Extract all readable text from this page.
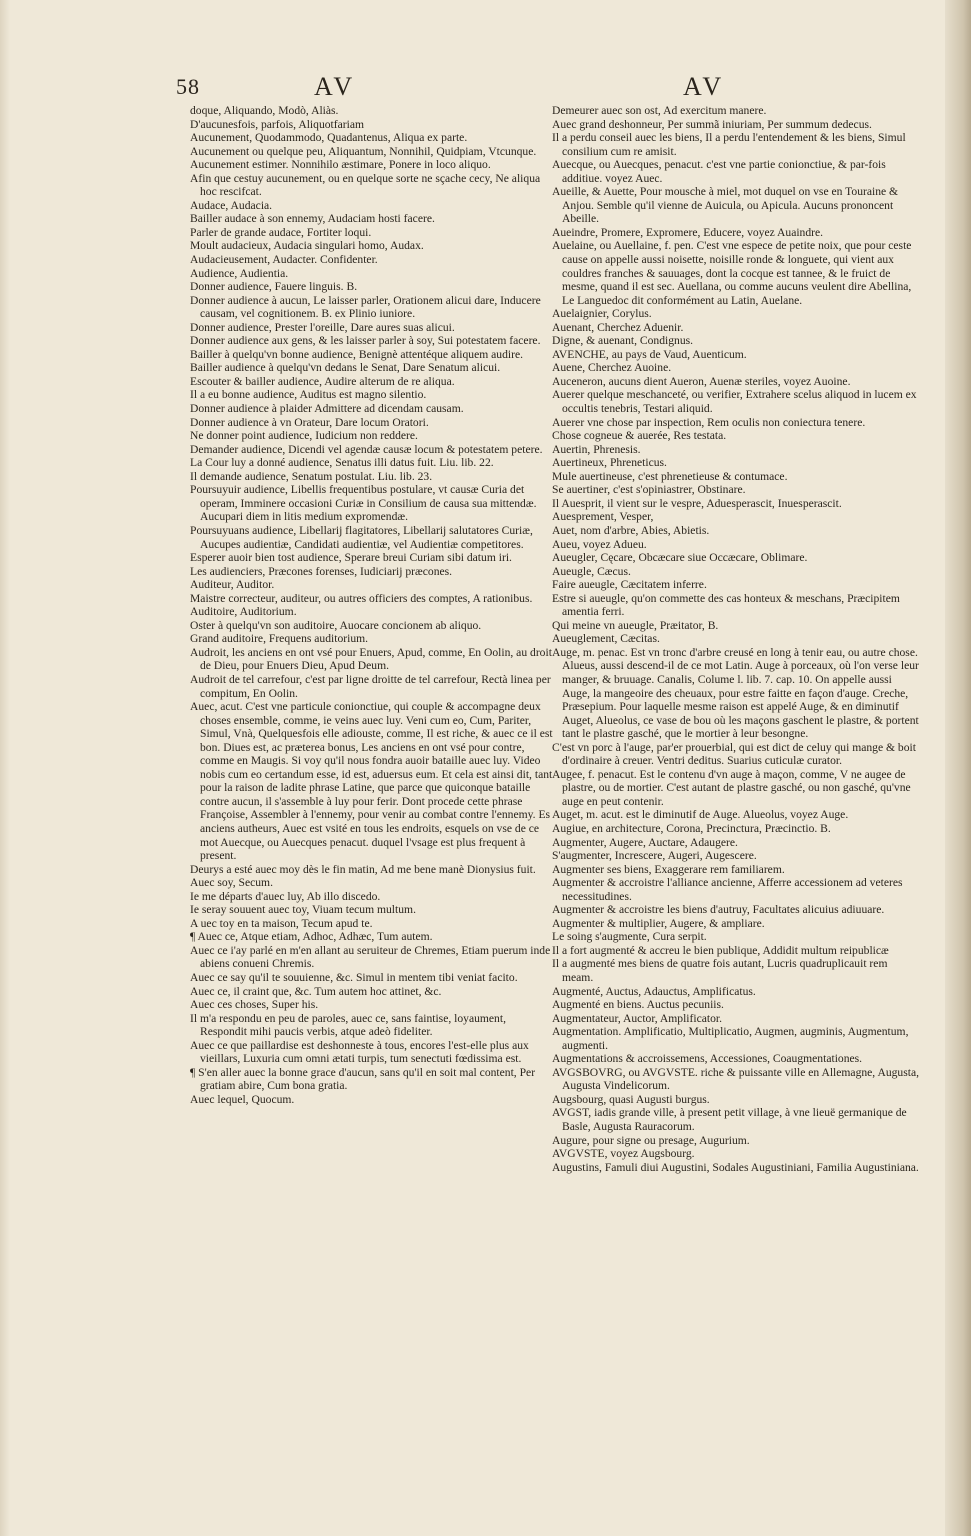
58	AV	AV

doque, Aliquando, Modò, Aliàs.

D'aucunesfois, parfois, Aliquotfariam

Aucunement, Quodammodo, Quadantenus, Aliqua ex parte.

Aucunement ou quelque peu, Aliquantum, Nonnihil, Quidpiam, Vtcunque.

Aucunement estimer. Nonnihilo æstimare, Ponere in loco aliquo.

Afin que cestuy aucunement, ou en quelque sorte ne sçache cecy, Ne aliqua hoc rescifcat.

Audace, Audacia.

Bailler audace à son ennemy, Audaciam hosti facere.

Parler de grande audace, Fortiter loqui.

Moult audacieux, Audacia singulari homo, Audax.

Audacieusement, Audacter. Confidenter.

Audience, Audientia.

Donner audience, Fauere linguis. B.

Donner audience à aucun, Le laisser parler, Orationem alicui dare, Inducere causam, vel cognitionem. B. ex Plinio iuniore.

Donner audience, Prester l'oreille, Dare aures suas alicui.

Donner audience aux gens, & les laisser parler à soy, Sui potestatem facere.

Bailler à quelqu'vn bonne audience, Benignè attentéque aliquem audire.

Bailler audience à quelqu'vn dedans le Senat, Dare Senatum alicui.

Escouter & bailler audience, Audire alterum de re aliqua.

Il a eu bonne audience, Auditus est magno silentio.

Donner audience à plaider Admittere ad dicendam causam.

Donner audience à vn Orateur, Dare locum Oratori.

Ne donner point audience, Iudicium non reddere.

Demander audience, Dicendi vel agendæ causæ locum & potestatem petere.

La Cour luy a donné audience, Senatus illi datus fuit. Liu. lib. 22.

Il demande audience, Senatum postulat. Liu. lib. 23.

Poursuyuir audience, Libellis frequentibus postulare, vt causæ Curia det operam, Imminere occasioni Curiæ in Consilium de causa sua mittendæ. Aucupari diem in litis medium expromendæ.

Poursuyuans audience, Libellarij flagitatores, Libellarij salutatores Curiæ, Aucupes audientiæ, Candidati audientiæ, vel Audientiæ competitores.

Esperer auoir bien tost audience, Sperare breui Curiam sibi datum iri.

Les audienciers, Præcones forenses, Iudiciarij præcones.

Auditeur, Auditor.

Maistre correcteur, auditeur, ou autres officiers des comptes, A rationibus.

Auditoire, Auditorium.

Oster à quelqu'vn son auditoire, Auocare concionem ab aliquo.

Grand auditoire, Frequens auditorium.

Audroit, les anciens en ont vsé pour Enuers, Apud, comme, En Oolin, au droit de Dieu, pour Enuers Dieu, Apud Deum.

Audroit de tel carrefour, c'est par ligne droitte de tel carrefour, Rectà linea per compitum, En Oolin.

Auec, acut. C'est vne particule conionctiue, qui couple & accompagne deux choses ensemble, comme, ie veins auec luy. Veni cum eo, Cum, Pariter, Simul, Vnà, Quelquesfois elle adiouste, comme, Il est riche, & auec ce il est bon. Diues est, ac præterea bonus, Les anciens en ont vsé pour contre, comme en Maugis. Si voy qu'il nous fondra auoir bataille auec luy. Video nobis cum eo certandum esse, id est, aduersus eum. Et cela est ainsi dit, tant pour la raison de ladite phrase Latine, que parce que quiconque bataille contre aucun, il s'assemble à luy pour ferir. Dont procede cette phrase Françoise, Assembler à l'ennemy, pour venir au combat contre l'ennemy. Es anciens autheurs, Auec est vsité en tous les endroits, esquels on vse de ce mot Auecque, ou Auecques penacut. duquel l'vsage est plus frequent à present.

Deurys a esté auec moy dès le fin matin, Ad me bene manè Dionysius fuit.

Auec soy, Secum.

Ie me départs d'auec luy, Ab illo discedo.

Ie seray souuent auec toy, Viuam tecum multum.

A uec toy en ta maison, Tecum apud te.

¶ Auec ce, Atque etiam, Adhoc, Adhæc, Tum autem.

Auec ce i'ay parlé en m'en allant au seruiteur de Chremes, Etiam puerum inde abiens conueni Chremis.

Auec ce say qu'il te souuienne, &c. Simul in mentem tibi veniat facito.

Auec ce, il craint que, &c. Tum autem hoc attinet, &c.

Auec ces choses, Super his.

Il m'a respondu en peu de paroles, auec ce, sans faintise, loyaument, Respondit mihi paucis verbis, atque adeò fideliter.

Auec ce que paillardise est deshonneste à tous, encores l'est-elle plus aux vieillars, Luxuria cum omni ætati turpis, tum senectuti fœdissima est.

¶ S'en aller auec la bonne grace d'aucun, sans qu'il en soit mal content, Per gratiam abire, Cum bona gratia.

Auec lequel, Quocum.

Demeurer auec son ost, Ad exercitum manere.

Auec grand deshonneur, Per summã iniuriam, Per summum dedecus.

Il a perdu conseil auec les biens, Il a perdu l'entendement & les biens, Simul consilium cum re amisit.

Auecque, ou Auecques, penacut. c'est vne partie conionctiue, & par-fois additiue. voyez Auec.

Aueille, & Auette, Pour mousche à miel, mot duquel on vse en Touraine & Anjou. Semble qu'il vienne de Auicula, ou Apicula. Aucuns prononcent Abeille.

Aueindre, Promere, Expromere, Educere, voyez Auaindre.

Auelaine, ou Auellaine, f. pen. C'est vne espece de petite noix, que pour ceste cause on appelle aussi noisette, noisille ronde & longuete, qui vient aux couldres franches & sauuages, dont la cocque est tannee, & le fruict de mesme, quand il est sec. Auellana, ou comme aucuns veulent dire Abellina, Le Languedoc dit conformément au Latin, Auelane.

Auelaignier, Corylus.

Auenant, Cherchez Aduenir.

Digne, & auenant, Condignus.

AVENCHE, au pays de Vaud, Auenticum.

Auene, Cherchez Auoine.

Auceneron, aucuns dient Aueron, Auenæ steriles, voyez Auoine.

Auerer quelque meschanceté, ou verifier, Extrahere scelus aliquod in lucem ex occultis tenebris, Testari aliquid.

Auerer vne chose par inspection, Rem oculis non coniectura tenere.

Chose cogneue & auerée, Res testata.

Auertin, Phrenesis.

Auertineux, Phreneticus.

Mule auertineuse, c'est phrenetieuse & contumace.

Se auertiner, c'est s'opiniastrer, Obstinare.

Il Auesprit, il vient sur le vespre, Aduesperascit, Inuesperascit.

Auesprement, Vesper,

Auet, nom d'arbre, Abies, Abietis.

Aueu, voyez Adueu.

Aueugler, Cęcare, Obcæcare siue Occæcare, Oblimare.

Aueugle, Cæcus.

Faire aueugle, Cæcitatem inferre.

Estre si aueugle, qu'on commette des cas honteux & meschans, Præcipitem amentia ferri.

Qui meine vn aueugle, Præitator, B.

Aueuglement, Cæcitas.

Auge, m. penac. Est vn tronc d'arbre creusé en long à tenir eau, ou autre chose. Alueus, aussi descend-il de ce mot Latin. Auge à porceaux, où l'on verse leur manger, & bruuage. Canalis, Colume l. lib. 7. cap. 10. On appelle aussi Auge, la mangeoire des cheuaux, pour estre faitte en façon d'auge. Creche, Præsepium. Pour laquelle mesme raison est appelé Auge, & en diminutif Auget, Alueolus, ce vase de bou où les maçons gaschent le plastre, & portent tant le plastre gasché, que le mortier à leur besongne.

C'est vn porc à l'auge, par'er prouerbial, qui est dict de celuy qui mange & boit d'ordinaire à creuer. Ventri deditus. Suarius cuticulæ curator.

Augee, f. penacut. Est le contenu d'vn auge à maçon, comme, V ne augee de plastre, ou de mortier. C'est autant de plastre gasché, ou non gasché, qu'vne auge en peut contenir.

Auget, m. acut. est le diminutif de Auge. Alueolus, voyez Auge.

Augiue, en architecture, Corona, Precinctura, Præcinctio. B.

Augmenter, Augere, Auctare, Adaugere.

S'augmenter, Increscere, Augeri, Augescere.

Augmenter ses biens, Exaggerare rem familiarem.

Augmenter & accroistre l'alliance ancienne, Afferre accessionem ad veteres necessitudines.

Augmenter & accroistre les biens d'autruy, Facultates alicuius adiuuare.

Augmenter & multiplier, Augere, & ampliare.

Le soing s'augmente, Cura serpit.

Il a fort augmenté & accreu le bien publique, Addidit multum reipublicæ

Il a augmenté mes biens de quatre fois autant, Lucris quadruplicauit rem meam.

Augmenté, Auctus, Adauctus, Amplificatus.

Augmenté en biens. Auctus pecuniis.

Augmentateur, Auctor, Amplificator.

Augmentation. Amplificatio, Multiplicatio, Augmen, augminis, Augmentum, augmenti.

Augmentations & accroissemens, Accessiones, Coaugmentationes.

AVGSBOVRG, ou AVGVSTE. riche & puissante ville en Allemagne, Augusta, Augusta Vindelicorum.

Augsbourg, quasi Augusti burgus.

AVGST, iadis grande ville, à present petit village, à vne lieuë germanique de Basle, Augusta Rauracorum.

Augure, pour signe ou presage, Augurium.

AVGVSTE, voyez Augsbourg.

Augustins, Famuli diui Augustini, Sodales Augustiniani, Familia Augustiniana.
